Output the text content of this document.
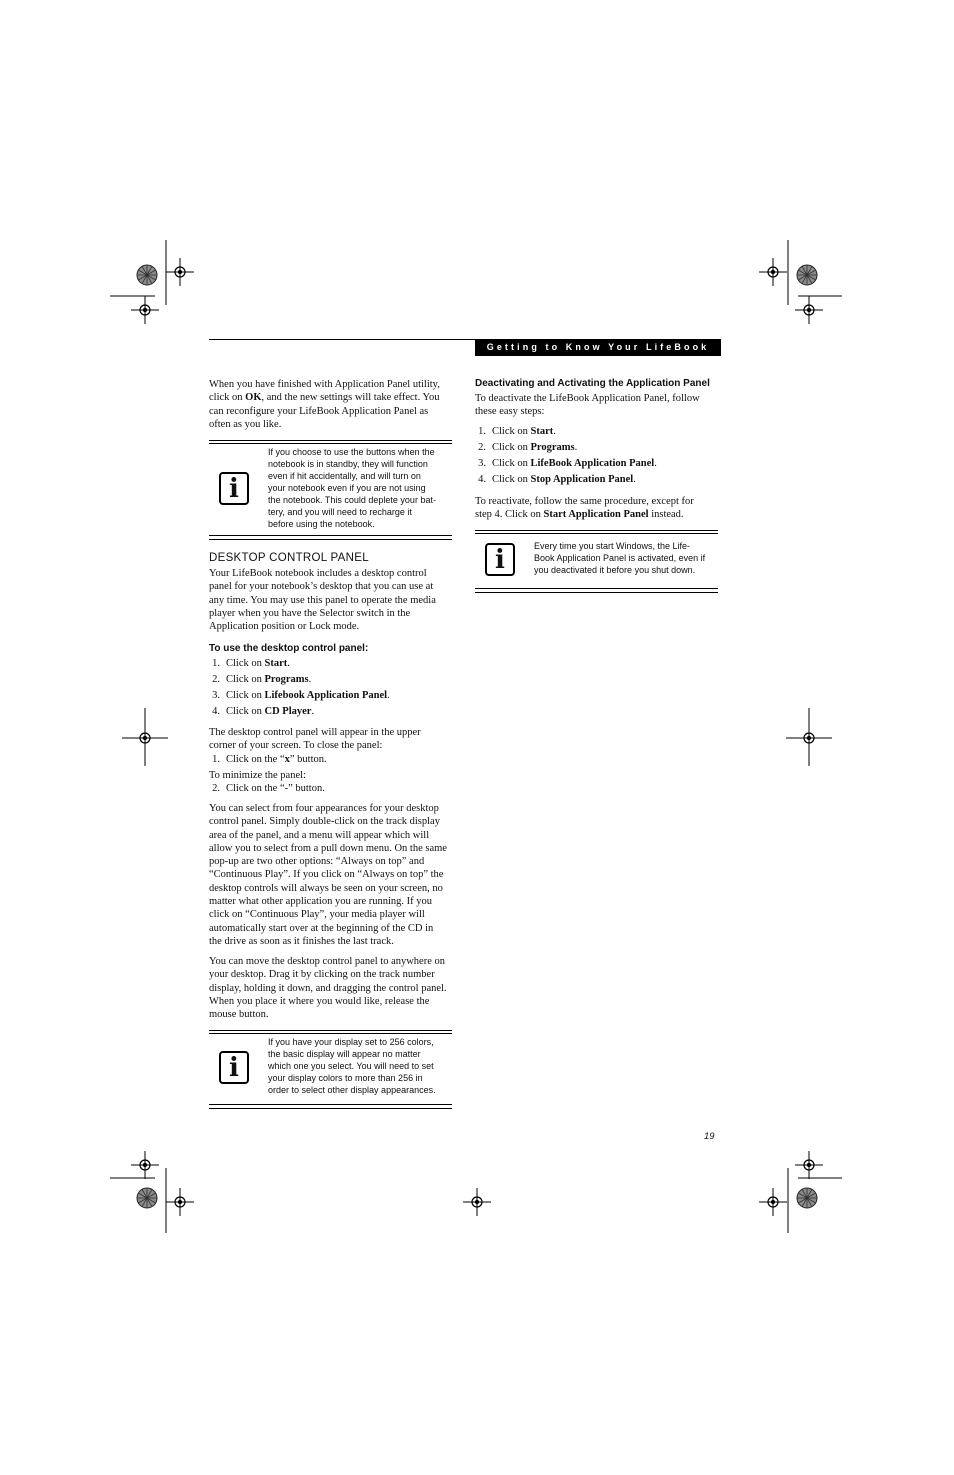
Getting to Know Your LifeBook
When you have finished with Application Panel utility,
click on OK, and the new settings will take effect. You
can reconfigure your LifeBook Application Panel as
often as you like.
i
If you choose to use the buttons when the
notebook is in standby, they will function
even if hit accidentally, and will turn on
your notebook even if you are not using
the notebook. This could deplete your bat-
tery, and you will need to recharge it
before using the notebook.
DESKTOP CONTROL PANEL
Your LifeBook notebook includes a desktop control
panel for your notebook’s desktop that you can use at
any time. You may use this panel to operate the media
player when you have the Selector switch in the
Application position or Lock mode.
To use the desktop control panel:
1. Click on Start.
2. Click on Programs.
3. Click on Lifebook Application Panel.
4. Click on CD Player.
The desktop control panel will appear in the upper
corner of your screen. To close the panel:
1. Click on the “x” button.
To minimize the panel:
2. Click on the “-” button.
You can select from four appearances for your desktop
control panel. Simply double-click on the track display
area of the panel, and a menu will appear which will
allow you to select from a pull down menu. On the same
pop-up are two other options: “Always on top” and
“Continuous Play”. If you click on “Always on top” the
desktop controls will always be seen on your screen, no
matter what other application you are running. If you
click on “Continuous Play”, your media player will
automatically start over at the beginning of the CD in
the drive as soon as it finishes the last track.
You can move the desktop control panel to anywhere on
your desktop. Drag it by clicking on the track number
display, holding it down, and dragging the control panel.
When you place it where you would like, release the
mouse button.
i
If you have your display set to 256 colors,
the basic display will appear no matter
which one you select. You will need to set
your display colors to more than 256 in
order to select other display appearances.
Deactivating and Activating the Application Panel
To deactivate the LifeBook Application Panel, follow
these easy steps:
1. Click on Start.
2. Click on Programs.
3. Click on LifeBook Application Panel.
4. Click on Stop Application Panel.
To reactivate, follow the same procedure, except for
step 4. Click on Start Application Panel instead.
i	Every time you start Windows, the Life-
Book Application Panel is activated, even if
you deactivated it before you shut down.
19
